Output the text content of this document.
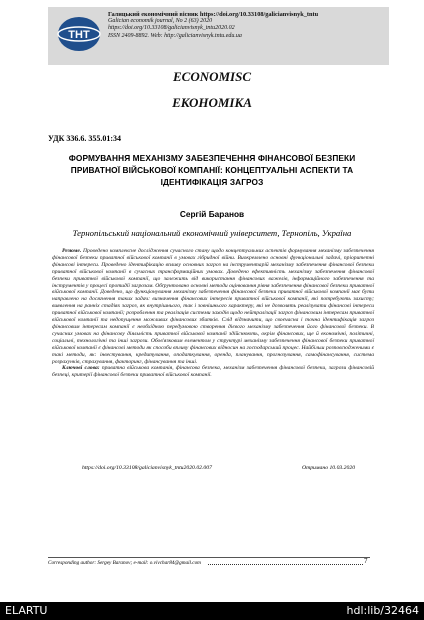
ТНТ
Галицький економічний вісник https://doi.org/10.33108/galicianvisnyk_tntu
Galician economik journal, No 2 (63) 2020
https://doi.org/10.33108/galicianvisnyk_tntu2020.02
ISSN 2409-8892. Web: http://galicianvisnyk.tntu.edu.ua
ECONOMISC
ЕКОНОМІКА
УДК 336.6. 355.01:34
ФОРМУВАННЯ МЕХАНІЗМУ ЗАБЕЗПЕЧЕННЯ ФІНАНСОВОЇ БЕЗПЕКИ ПРИВАТНОЇ ВІЙСЬКОВОЇ КОМПАНІЇ: КОНЦЕПТУАЛЬНІ АСПЕКТИ ТА ІДЕНТИФІКАЦІЯ ЗАГРОЗ
Сергій Баранов
Тернопільський національний економічний університет, Тернопіль, Україна

Резюме. Проведено комплексне дослідження сучасного стану щодо концептуальних аспектів формування механізму забезпечення фінансової безпеки приватної військової компанії в умовах гібридної війни. Виокремлено основні функціональні задачі, пріоритетні фінансові інтереси. Проведено ідентифікацію впливу основних загроз на інструментарій механізму забезпечення фінансової безпеки приватної військової компанії в сучасних трансформаційних умовах. Доведено ефективність механізму забезпечення фінансової безпеки приватної військової компанії, що залежить від використання фінансових важелів, інформаційного забезпечення та інструментів у процесі протидії загрозам. Обґрунтовано основні методи оцінювання рівня забезпечення фінансової безпеки приватної військової компанії. Доведено, що функціонування механізму забезпечення фінансової безпеки приватної військової компанії має бути направлено на досягнення таких задач: визначення фінансових інтересів приватної військової компанії, які потребують захисту; виявлення на ранніх стадіях загроз, як внутрішнього, так і зовнішнього характеру, які не дозволять реалізувати фінансові інтереси приватної військової компанії; розроблення та реалізація системи заходів щодо нейтралізації загроз фінансовим інтересам приватної військової компанії та недопущення можливих фінансових збитків. Слід відзначити, що своєчасна і точна ідентифікація загроз фінансовим інтересам компанії є необхідною передумовою створення дієвого механізму забезпечення його фінансової безпеки. В сучасних умовах на фінансову діяльність приватної військової компанії здійснюють, окрім фінансових, ще й економічні, політичні, соціальні, технологічні та інші загрози. Обов'язковим елементом у структурі механізму забезпечення фінансової безпеки приватної військової компанії є фінансові методи як способи впливу фінансових відносин на господарський процес. Найбільш розповсюдженими є такі методи, як: інвестування, кредитування, оподаткування, оренда, планування, прогнозування, самофінансування, система розрахунків, страхування, факторинг, фінансування та інші.

Ключові слова: приватна військова компанія, фінансова безпека, механізм забезпечення фінансової безпеки, загрози фінансовій безпеці, критерії фінансової безпеки приватної військової компанії.

https://doi.org/10.33108/galicianvisnyk_tntu2020.02.007	Отримано 10.03.2020
Corresponding author: Sergey Baranov; e-mail: o.vivchar84@gmail.com	7
ELARTU	hdl:lib/32464
